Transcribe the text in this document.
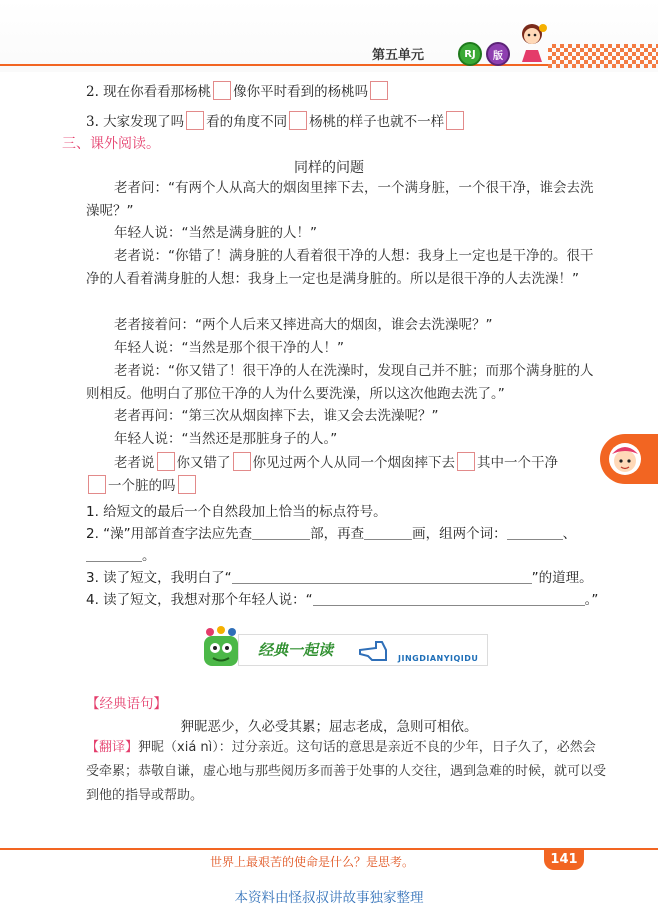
第五单元	RJ	版
2. 现在你看看那杨桃 像你平时看到的杨桃吗
3. 大家发现了吗 看的角度不同 杨桃的样子也就不一样
三、课外阅读。
同样的问题
老者问：“有两个人从高大的烟囱里摔下去，一个满身脏，一个很干净，谁会去洗澡呢？”
年轻人说：“当然是满身脏的人！”
老者说：“你错了！满身脏的人看着很干净的人想：我身上一定也是干净的。很干净的人看着满身脏的人想：我身上一定也是满身脏的。所以是很干净的人去洗澡！”
老者接着问：“两个人后来又摔进高大的烟囱，谁会去洗澡呢？”
年轻人说：“当然是那个很干净的人！”
老者说：“你又错了！很干净的人在洗澡时，发现自己并不脏；而那个满身脏的人则相反。他明白了那位干净的人为什么要洗澡，所以这次他跑去洗了。”
老者再问：“第三次从烟囱摔下去，谁又会去洗澡呢？”
年轻人说：“当然还是那脏身子的人。”
老者说 你又错了 你见过两个人从同一个烟囱摔下去 其中一个干净
一个脏的吗
1. 给短文的最后一个自然段加上恰当的标点符号。
2. “澡”用部首查字法应先查	部，再查	画，组两个词：	、
。
3. 读了短文，我明白了“	”的道理。
4. 读了短文，我想对那个年轻人说：“	。”
经典一起读	JINGDIANYIQIDU
【经典语句】
狎昵恶少，久必受其累；屈志老成，急则可相依。
【翻译】狎昵（xiá nì）：过分亲近。这句话的意思是亲近不良的少年，日子久了，必然会受牵累；恭敬自谦，虚心地与那些阅历多而善于处事的人交往，遇到急难的时候，就可以受到他的指导或帮助。
世界上最艰苦的使命是什么？是思考。	141
本资料由怪叔叔讲故事独家整理
